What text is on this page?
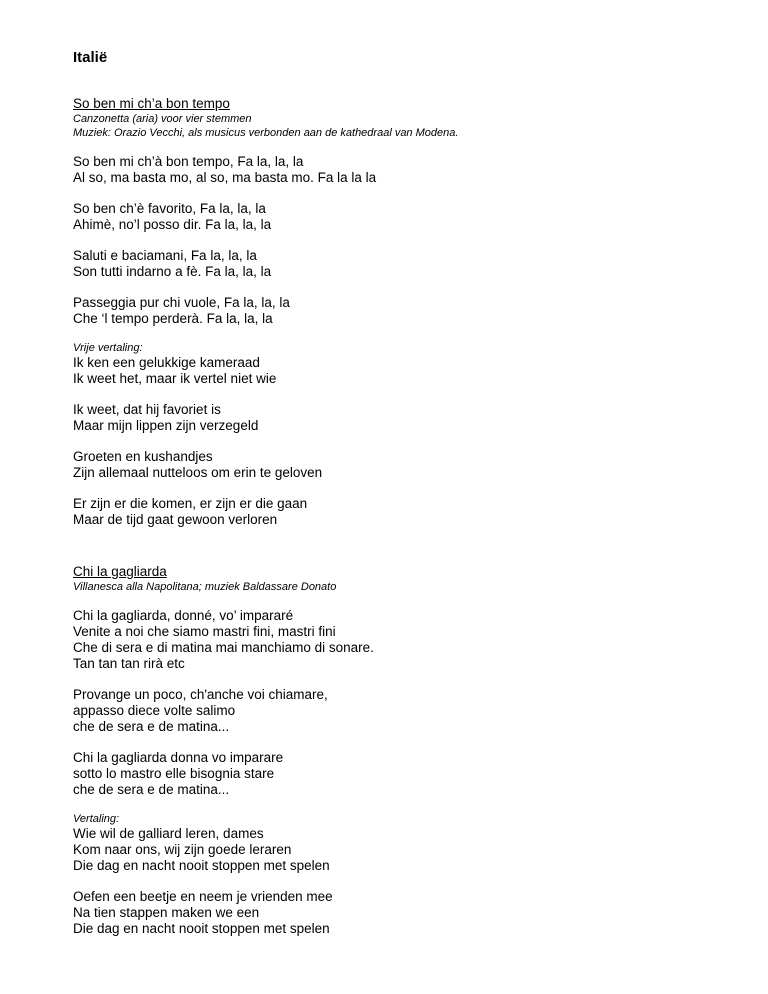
Italië
So ben mi ch’a bon tempo
Canzonetta (aria) voor vier stemmen
Muziek: Orazio Vecchi, als musicus verbonden aan de kathedraal van Modena.
So ben mi ch’à bon tempo, Fa la, la, la
Al so, ma basta mo, al so, ma basta mo. Fa la la la
So ben ch’è favorito, Fa la, la, la
Ahimè, no’l posso dir. Fa la, la, la
Saluti e baciamani, Fa la, la, la
Son tutti indarno a fè. Fa la, la, la
Passeggia pur chi vuole, Fa la, la, la
Che ‘l tempo perderà. Fa la, la, la
Vrije vertaling:
Ik ken een gelukkige kameraad
Ik weet het, maar ik vertel niet wie
Ik weet, dat hij favoriet is
Maar mijn lippen zijn verzegeld
Groeten en kushandjes
Zijn allemaal nutteloos om erin te geloven
Er zijn er die komen, er zijn er die gaan
Maar de tijd gaat gewoon verloren
Chi la gagliarda
Villanesca alla Napolitana; muziek Baldassare Donato
Chi la gagliarda, donné, vo’ impararé
Venite a noi che siamo mastri fini, mastri fini
Che di sera e di matina mai manchiamo di sonare.
Tan tan tan rirà etc
Provange un poco, ch'anche voi chiamare,
appasso diece volte salimo
che de sera e de matina...
Chi la gagliarda donna vo imparare
sotto lo mastro elle bisognia stare
che de sera e de matina...
Vertaling:
Wie wil de galliard leren, dames
Kom naar ons, wij zijn goede leraren
Die dag en nacht nooit stoppen met spelen
Oefen een beetje en neem je vrienden mee
Na tien stappen maken we een
Die dag en nacht nooit stoppen met spelen
